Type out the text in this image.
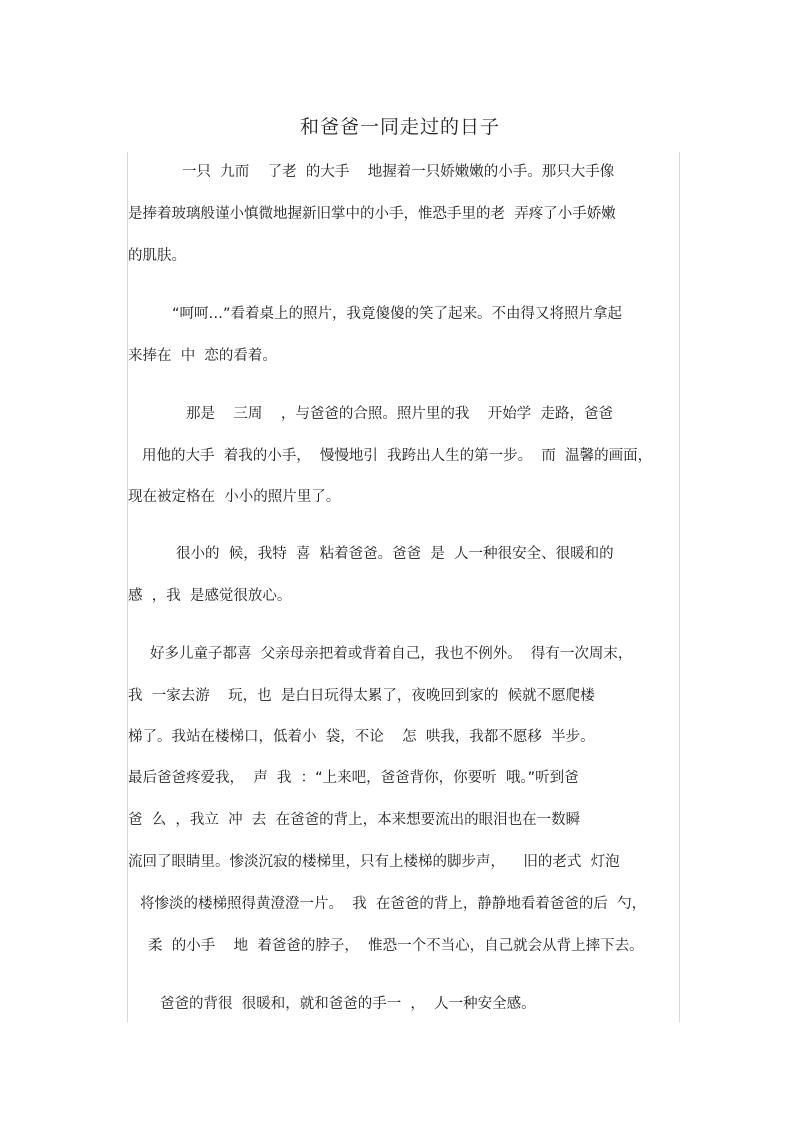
和爸爸一同走过的日子
一只  九而    了老  的大手    地握着一只娇嫩嫩的小手。那只大手像
是捧着玻璃般谨小慎微地握新旧掌中的小手，惟恐手里的老  弄疼了小手娇嫩
的肌肤。
“呵呵…”看着桌上的照片，我竟傻傻的笑了起来。不由得又将照片拿起
来捧在  中  恋的看着。
那是    三周    ，与爸爸的合照。照片里的我    开始学  走路，爸爸
用他的大手  着我的小手，  慢慢地引  我跨出人生的第一步。  而  温馨的画面，
现在被定格在  小小的照片里了。
很小的  候，我特  喜  粘着爸爸。爸爸  是  人一种很安全、很暖和的
感  ，我  是感觉很放心。
好多儿童子都喜  父亲母亲把着或背着自己，我也不例外。  得有一次周末，
我  一家去游    玩，也  是白日玩得太累了，夜晚回到家的  候就不愿爬楼
梯了。我站在楼梯口，低着小  袋，不论    怎  哄我，我都不愿移  半步。
最后爸爸疼爱我，  声  我  ：“上来吧，爸爸背你，你要听  哦。”听到爸
爸  么  ，我立  冲  去  在爸爸的背上，本来想要流出的眼泪也在一数瞬
流回了眼睛里。惨淡沉寂的楼梯里，只有上楼梯的脚步声，    旧的老式  灯泡
将惨淡的楼梯照得黄澄澄一片。  我  在爸爸的背上，静静地看着爸爸的后  勺，
柔  的小手    地  着爸爸的脖子，  惟恐一个不当心，自己就会从背上摔下去。
爸爸的背很  很暖和，就和爸爸的手一  ，  人一种安全感。
